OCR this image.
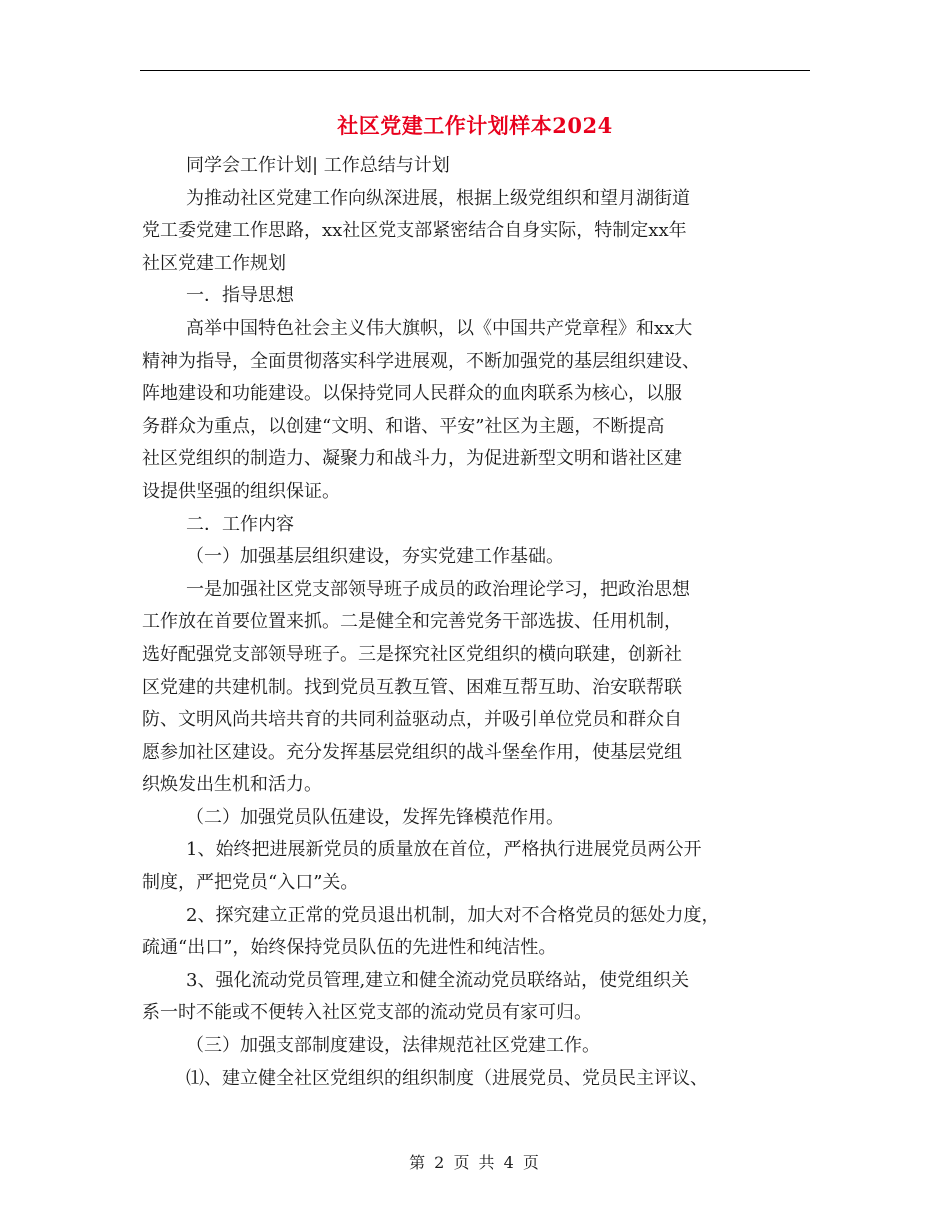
社区党建工作计划样本2024
同学会工作计划| 工作总结与计划
为推动社区党建工作向纵深进展，根据上级党组织和望月湖街道
党工委党建工作思路，xx社区党支部紧密结合自身实际，特制定xx年
社区党建工作规划
一．指导思想
高举中国特色社会主义伟大旗帜，以《中国共产党章程》和xx大
精神为指导，全面贯彻落实科学进展观，不断加强党的基层组织建设、
阵地建设和功能建设。以保持党同人民群众的血肉联系为核心，以服
务群众为重点，以创建“文明、和谐、平安”社区为主题，不断提高
社区党组织的制造力、凝聚力和战斗力，为促进新型文明和谐社区建
设提供坚强的组织保证。
二．工作内容
（一）加强基层组织建设，夯实党建工作基础。
一是加强社区党支部领导班子成员的政治理论学习，把政治思想
工作放在首要位置来抓。二是健全和完善党务干部选拔、任用机制，
选好配强党支部领导班子。三是探究社区党组织的横向联建，创新社
区党建的共建机制。找到党员互教互管、困难互帮互助、治安联帮联
防、文明风尚共培共育的共同利益驱动点，并吸引单位党员和群众自
愿参加社区建设。充分发挥基层党组织的战斗堡垒作用，使基层党组
织焕发出生机和活力。
（二）加强党员队伍建设，发挥先锋模范作用。
1、始终把进展新党员的质量放在首位，严格执行进展党员两公开
制度，严把党员“入口”关。
2、探究建立正常的党员退出机制，加大对不合格党员的惩处力度，
疏通“出口”，始终保持党员队伍的先进性和纯洁性。
3、强化流动党员管理,建立和健全流动党员联络站，使党组织关
系一时不能或不便转入社区党支部的流动党员有家可归。
（三）加强支部制度建设，法律规范社区党建工作。
⑴、建立健全社区党组织的组织制度（进展党员、党员民主评议、
第 2 页 共 4 页
